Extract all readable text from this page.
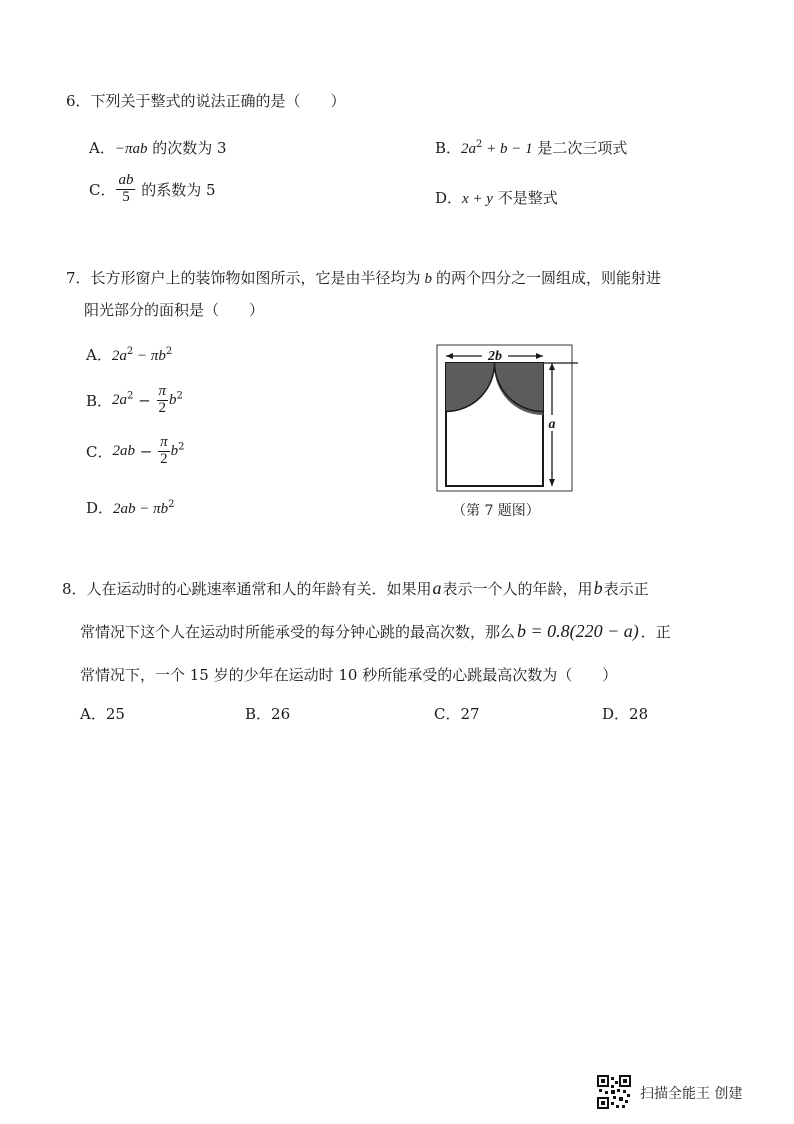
6．下列关于整式的说法正确的是（　　）
A．−πab 的次数为 3	B．$2a^2 + b - 1$ 是二次三项式
C． $\frac{ab}{5}$ 的系数为 5	D．x + y 不是整式
7．长方形窗户上的装饰物如图所示，它是由半径均为 b 的两个四分之一圆组成，则能射进
阳光部分的面积是（　　）
A．$2a^2 - \pi b^2$
B．$2a^2 - \frac{\pi}{2} b^2$
C．$2ab - \frac{\pi}{2} b^2$
D．$2ab - \pi b^2$
2b
a
（第 7 题图）
8．人在运动时的心跳速率通常和人的年龄有关．如果用a表示一个人的年龄，用b表示正
常情况下这个人在运动时所能承受的每分钟心跳的最高次数，那么 b = 0.8(220 − a) ．正
常情况下，一个 15 岁的少年在运动时 10 秒所能承受的心跳最高次数为（　　）
A．25	B．26	C．27	D．28
扫描全能王 创建
